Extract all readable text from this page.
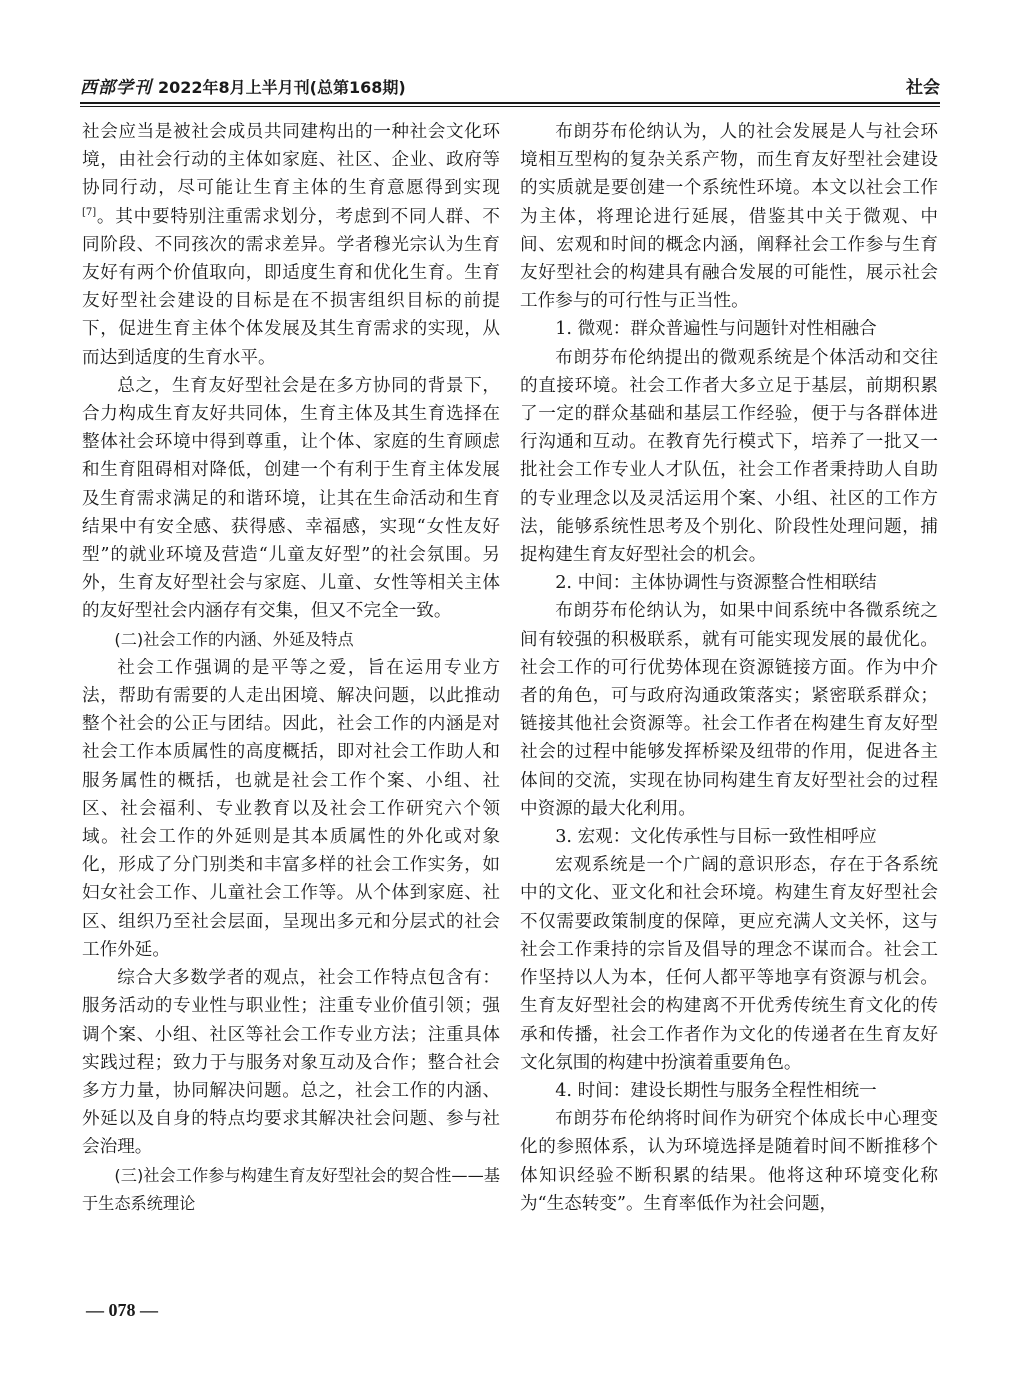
西部学刊 2022年8月上半月刊(总第168期)	社会

社会应当是被社会成员共同建构出的一种社会文化环境，由社会行动的主体如家庭、社区、企业、政府等协同行动，尽可能让生育主体的生育意愿得到实现[7]。其中要特别注重需求划分，考虑到不同人群、不同阶段、不同孩次的需求差异。学者穆光宗认为生育友好有两个价值取向，即适度生育和优化生育。生育友好型社会建设的目标是在不损害组织目标的前提下，促进生育主体个体发展及其生育需求的实现，从而达到适度的生育水平。

总之，生育友好型社会是在多方协同的背景下，合力构成生育友好共同体，生育主体及其生育选择在整体社会环境中得到尊重，让个体、家庭的生育顾虑和生育阻碍相对降低，创建一个有利于生育主体发展及生育需求满足的和谐环境，让其在生命活动和生育结果中有安全感、获得感、幸福感，实现“女性友好型”的就业环境及营造“儿童友好型”的社会氛围。另外，生育友好型社会与家庭、儿童、女性等相关主体的友好型社会内涵存有交集，但又不完全一致。

(二)社会工作的内涵、外延及特点

社会工作强调的是平等之爱，旨在运用专业方法，帮助有需要的人走出困境、解决问题，以此推动整个社会的公正与团结。因此，社会工作的内涵是对社会工作本质属性的高度概括，即对社会工作助人和服务属性的概括，也就是社会工作个案、小组、社区、社会福利、专业教育以及社会工作研究六个领域。社会工作的外延则是其本质属性的外化或对象化，形成了分门别类和丰富多样的社会工作实务，如妇女社会工作、儿童社会工作等。从个体到家庭、社区、组织乃至社会层面，呈现出多元和分层式的社会工作外延。

综合大多数学者的观点，社会工作特点包含有：服务活动的专业性与职业性；注重专业价值引领；强调个案、小组、社区等社会工作专业方法；注重具体实践过程；致力于与服务对象互动及合作；整合社会多方力量，协同解决问题。总之，社会工作的内涵、外延以及自身的特点均要求其解决社会问题、参与社会治理。

(三)社会工作参与构建生育友好型社会的契合性——基于生态系统理论

布朗芬布伦纳认为，人的社会发展是人与社会环境相互型构的复杂关系产物，而生育友好型社会建设的实质就是要创建一个系统性环境。本文以社会工作为主体，将理论进行延展，借鉴其中关于微观、中间、宏观和时间的概念内涵，阐释社会工作参与生育友好型社会的构建具有融合发展的可能性，展示社会工作参与的可行性与正当性。

1. 微观：群众普遍性与问题针对性相融合

布朗芬布伦纳提出的微观系统是个体活动和交往的直接环境。社会工作者大多立足于基层，前期积累了一定的群众基础和基层工作经验，便于与各群体进行沟通和互动。在教育先行模式下，培养了一批又一批社会工作专业人才队伍，社会工作者秉持助人自助的专业理念以及灵活运用个案、小组、社区的工作方法，能够系统性思考及个别化、阶段性处理问题，捕捉构建生育友好型社会的机会。

2. 中间：主体协调性与资源整合性相联结

布朗芬布伦纳认为，如果中间系统中各微系统之间有较强的积极联系，就有可能实现发展的最优化。社会工作的可行优势体现在资源链接方面。作为中介者的角色，可与政府沟通政策落实；紧密联系群众；链接其他社会资源等。社会工作者在构建生育友好型社会的过程中能够发挥桥梁及纽带的作用，促进各主体间的交流，实现在协同构建生育友好型社会的过程中资源的最大化利用。

3. 宏观：文化传承性与目标一致性相呼应

宏观系统是一个广阔的意识形态，存在于各系统中的文化、亚文化和社会环境。构建生育友好型社会不仅需要政策制度的保障，更应充满人文关怀，这与社会工作秉持的宗旨及倡导的理念不谋而合。社会工作坚持以人为本，任何人都平等地享有资源与机会。生育友好型社会的构建离不开优秀传统生育文化的传承和传播，社会工作者作为文化的传递者在生育友好文化氛围的构建中扮演着重要角色。

4. 时间：建设长期性与服务全程性相统一

布朗芬布伦纳将时间作为研究个体成长中心理变化的参照体系，认为环境选择是随着时间不断推移个体知识经验不断积累的结果。他将这种环境变化称为“生态转变”。生育率低作为社会问题，

— 078 —
